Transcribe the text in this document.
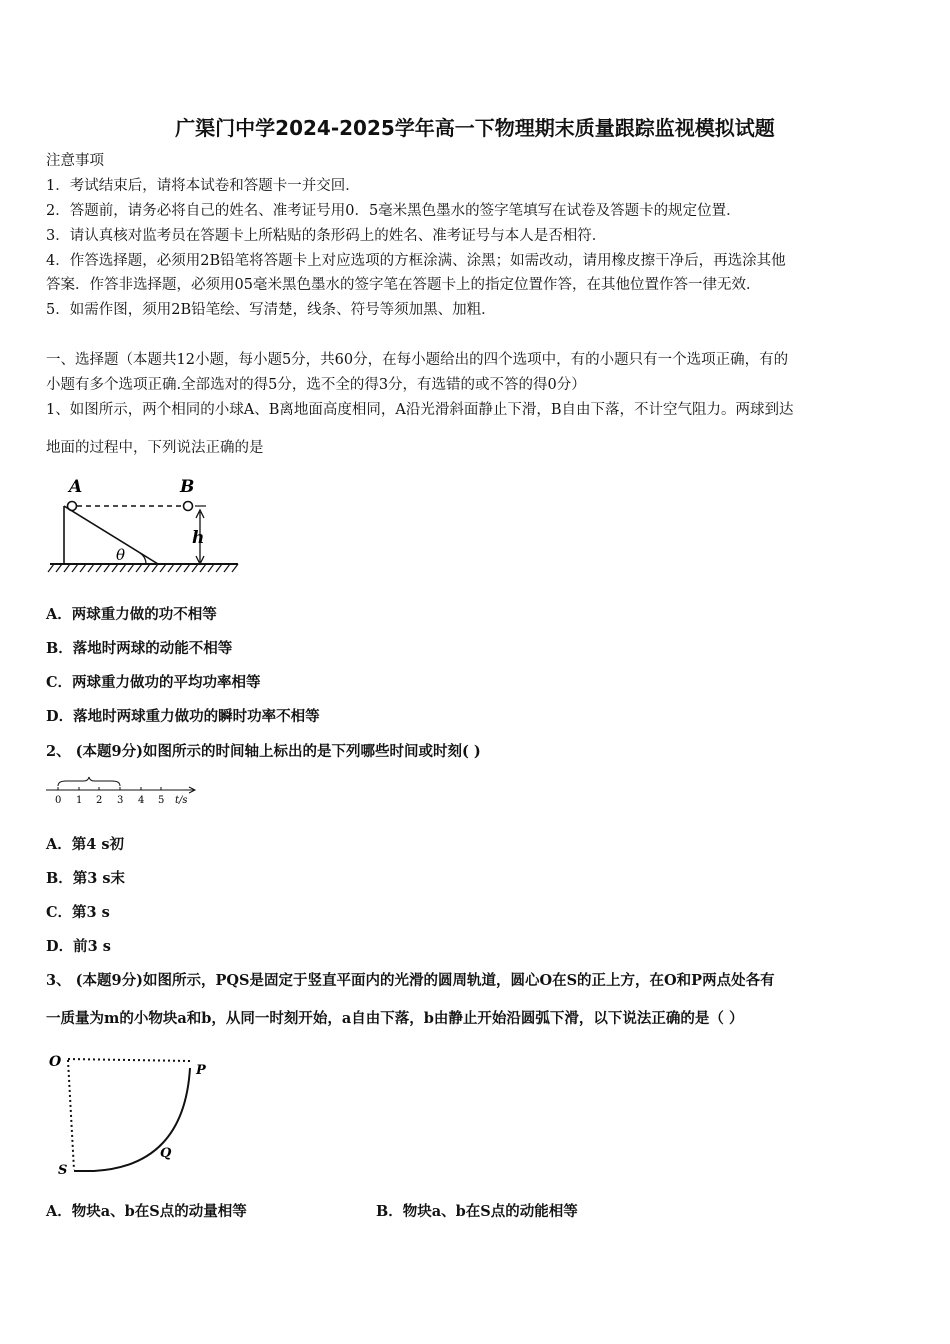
广渠门中学2024-2025学年高一下物理期末质量跟踪监视模拟试题
注意事项
1．考试结束后，请将本试卷和答题卡一并交回．
2．答题前，请务必将自己的姓名、准考证号用0．5毫米黑色墨水的签字笔填写在试卷及答题卡的规定位置．
3．请认真核对监考员在答题卡上所粘贴的条形码上的姓名、准考证号与本人是否相符．
4．作答选择题，必须用2B铅笔将答题卡上对应选项的方框涂满、涂黑；如需改动，请用橡皮擦干净后，再选涂其他
答案．作答非选择题，必须用05毫米黑色墨水的签字笔在答题卡上的指定位置作答，在其他位置作答一律无效．
5．如需作图，须用2B铅笔绘、写清楚，线条、符号等须加黑、加粗．
一、选择题（本题共12小题，每小题5分，共60分，在每小题给出的四个选项中，有的小题只有一个选项正确，有的
小题有多个选项正确.全部选对的得5分，选不全的得3分，有选错的或不答的得0分）
1、如图所示，两个相同的小球A、B离地面高度相同，A沿光滑斜面静止下滑，B自由下落，不计空气阻力。两球到达
地面的过程中，下列说法正确的是
A	B
θ
h
A．两球重力做的功不相等
B．落地时两球的动能不相等
C．两球重力做功的平均功率相等
D．落地时两球重力做功的瞬时功率不相等
2、 (本题9分)如图所示的时间轴上标出的是下列哪些时间或时刻( )
0 1 2 3 4 5 t/s
A．第4 s初
B．第3 s末
C．第3 s
D．前3 s
3、 (本题9分)如图所示，PQS是固定于竖直平面内的光滑的圆周轨道，圆心O在S的正上方，在O和P两点处各有
一质量为m的小物块a和b，从同一时刻开始，a自由下落，b由静止开始沿圆弧下滑，以下说法正确的是（ ）
O
P
Q
S
A．物块a、b在S点的动量相等	B．物块a、b在S点的动能相等
